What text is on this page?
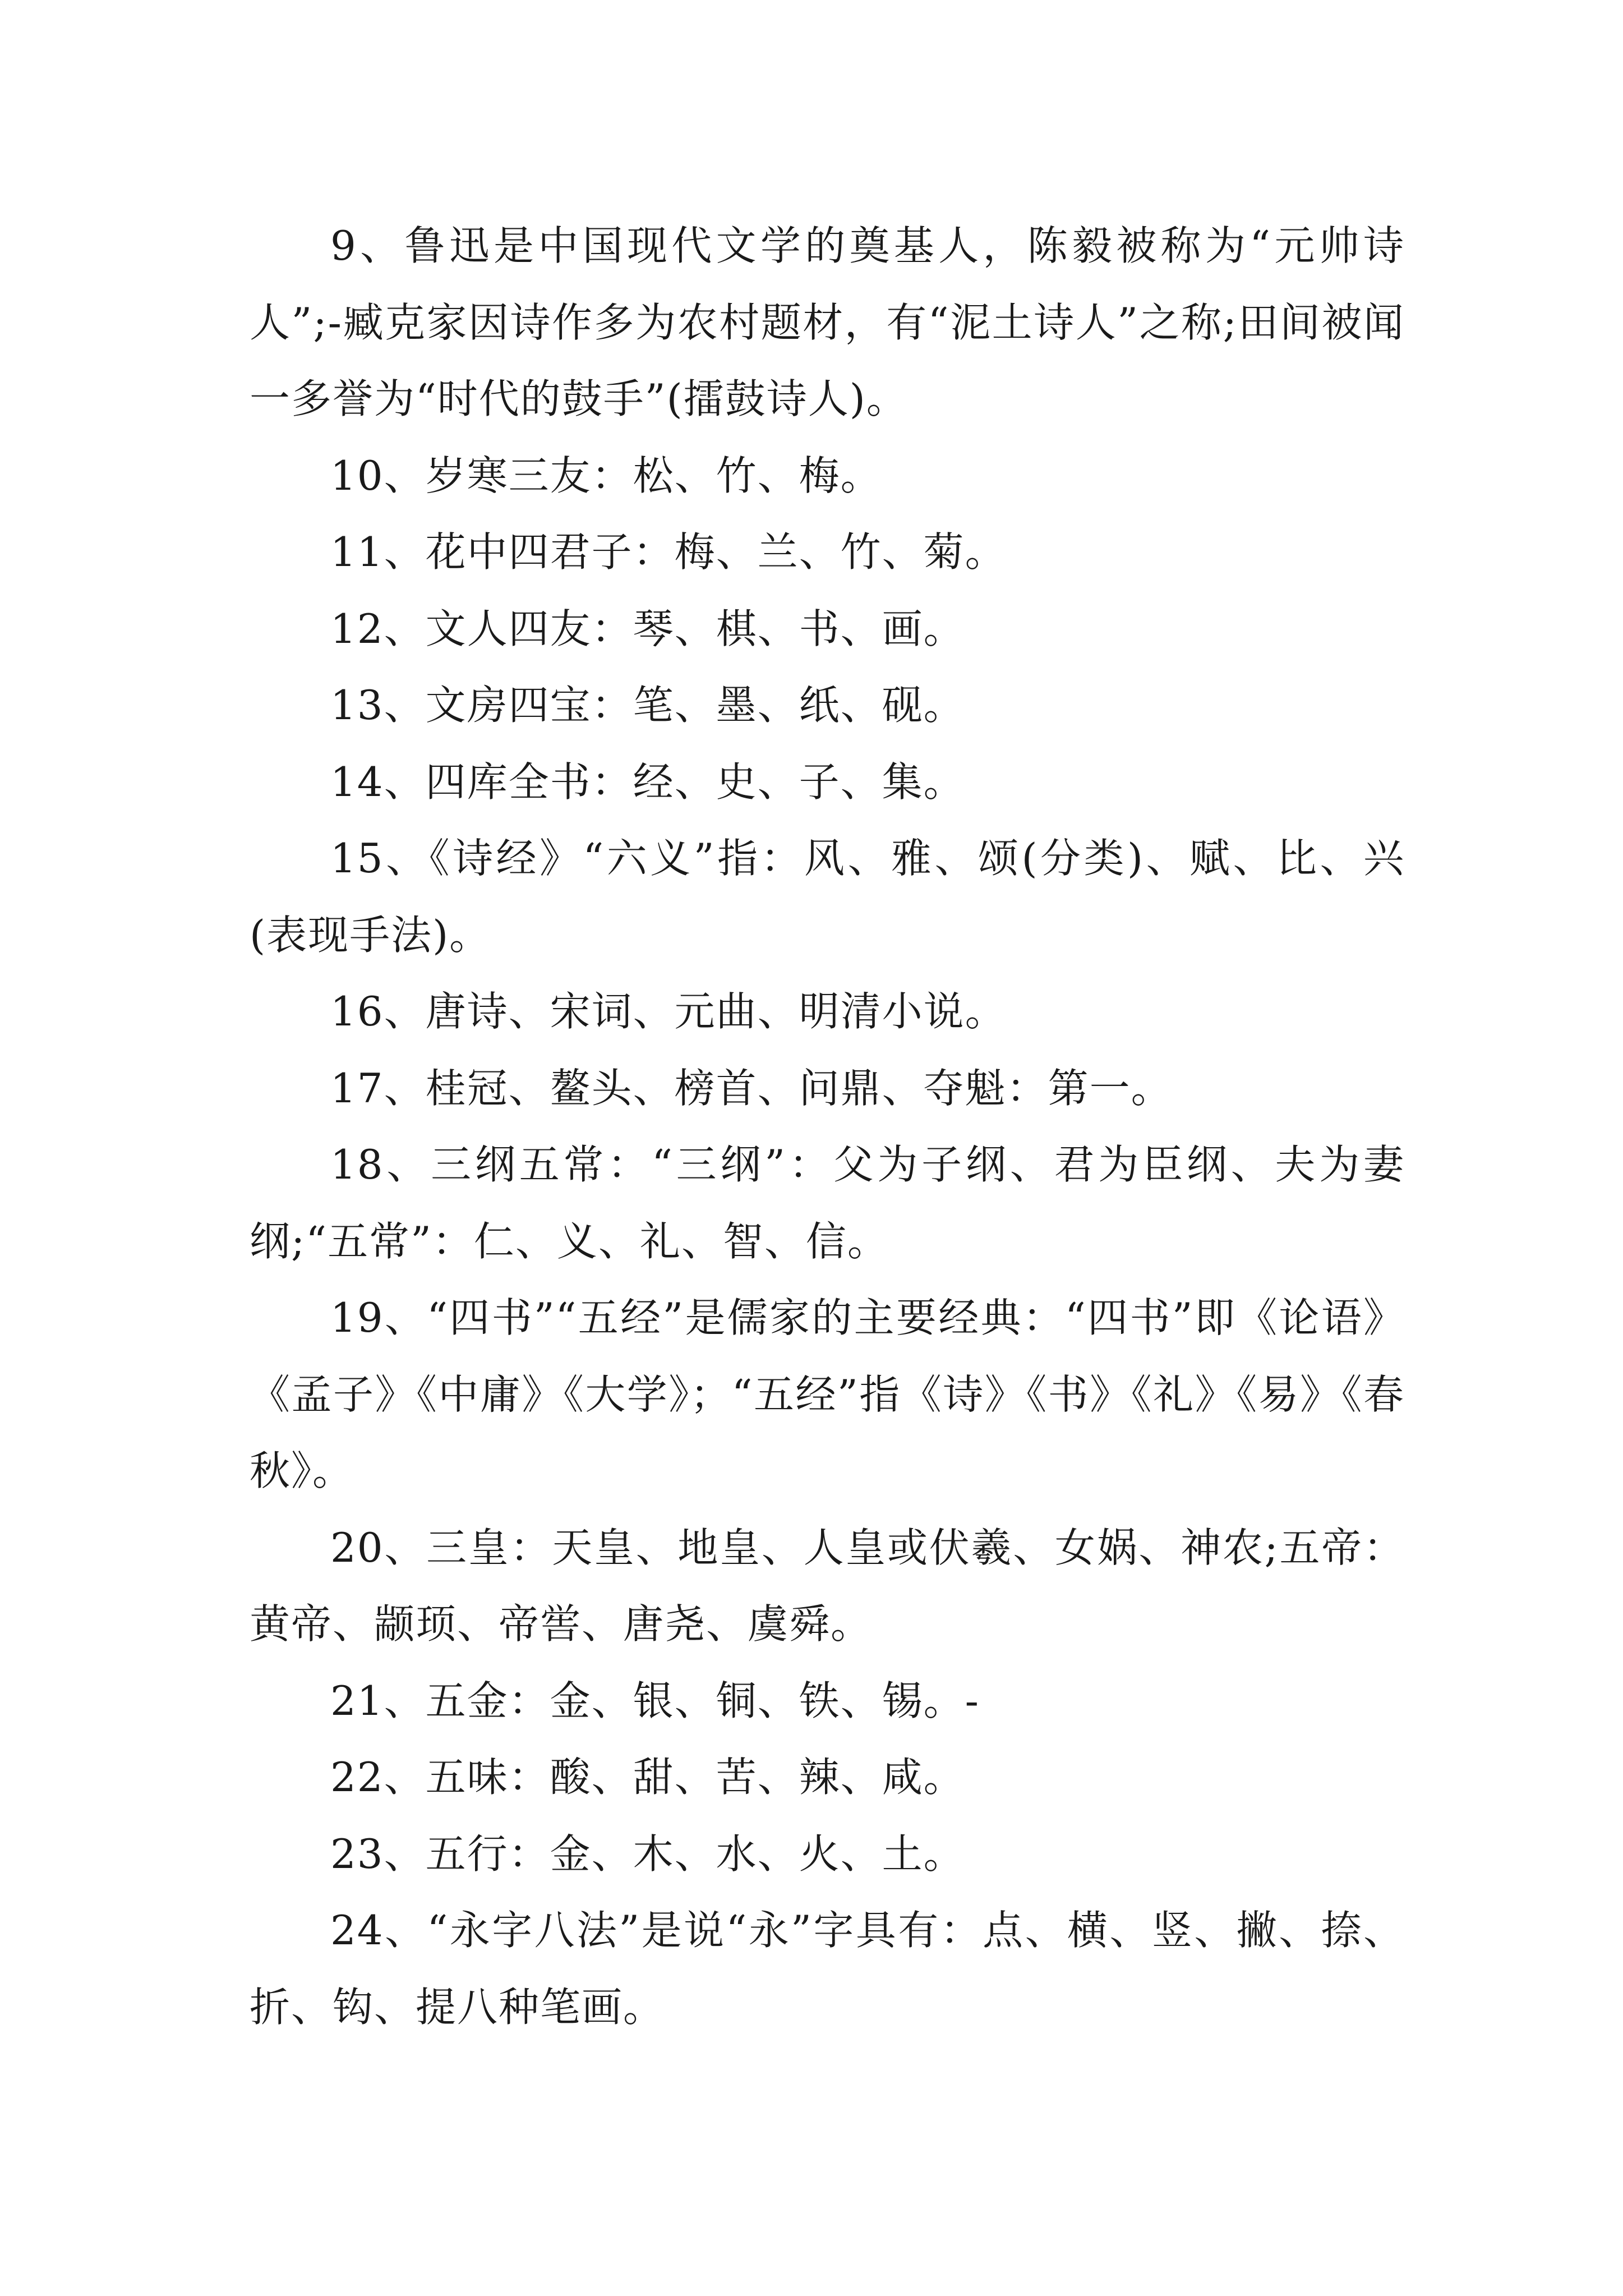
9、鲁迅是中国现代文学的奠基人，陈毅被称为“元帅诗人”;-臧克家因诗作多为农村题材，有“泥土诗人”之称;田间被闻一多誉为“时代的鼓手”(擂鼓诗人)。

10、岁寒三友：松、竹、梅。

11、花中四君子：梅、兰、竹、菊。

12、文人四友：琴、棋、书、画。

13、文房四宝：笔、墨、纸、砚。

14、四库全书：经、史、子、集。

15、《诗经》“六义”指：风、雅、颂(分类)、赋、比、兴(表现手法)。

16、唐诗、宋词、元曲、明清小说。

17、桂冠、鳌头、榜首、问鼎、夺魁：第一。

18、三纲五常：“三纲”：父为子纲、君为臣纲、夫为妻纲;“五常”：仁、义、礼、智、信。

19、“四书”“五经”是儒家的主要经典：“四书”即《论语》《孟子》《中庸》《大学》；“五经”指《诗》《书》《礼》《易》《春秋》。

20、三皇：天皇、地皇、人皇或伏羲、女娲、神农;五帝：黄帝、颛顼、帝喾、唐尧、虞舜。

21、五金：金、银、铜、铁、锡。-

22、五味：酸、甜、苦、辣、咸。

23、五行：金、木、水、火、土。

24、“永字八法”是说“永”字具有：点、横、竖、撇、捺、折、钩、提八种笔画。
